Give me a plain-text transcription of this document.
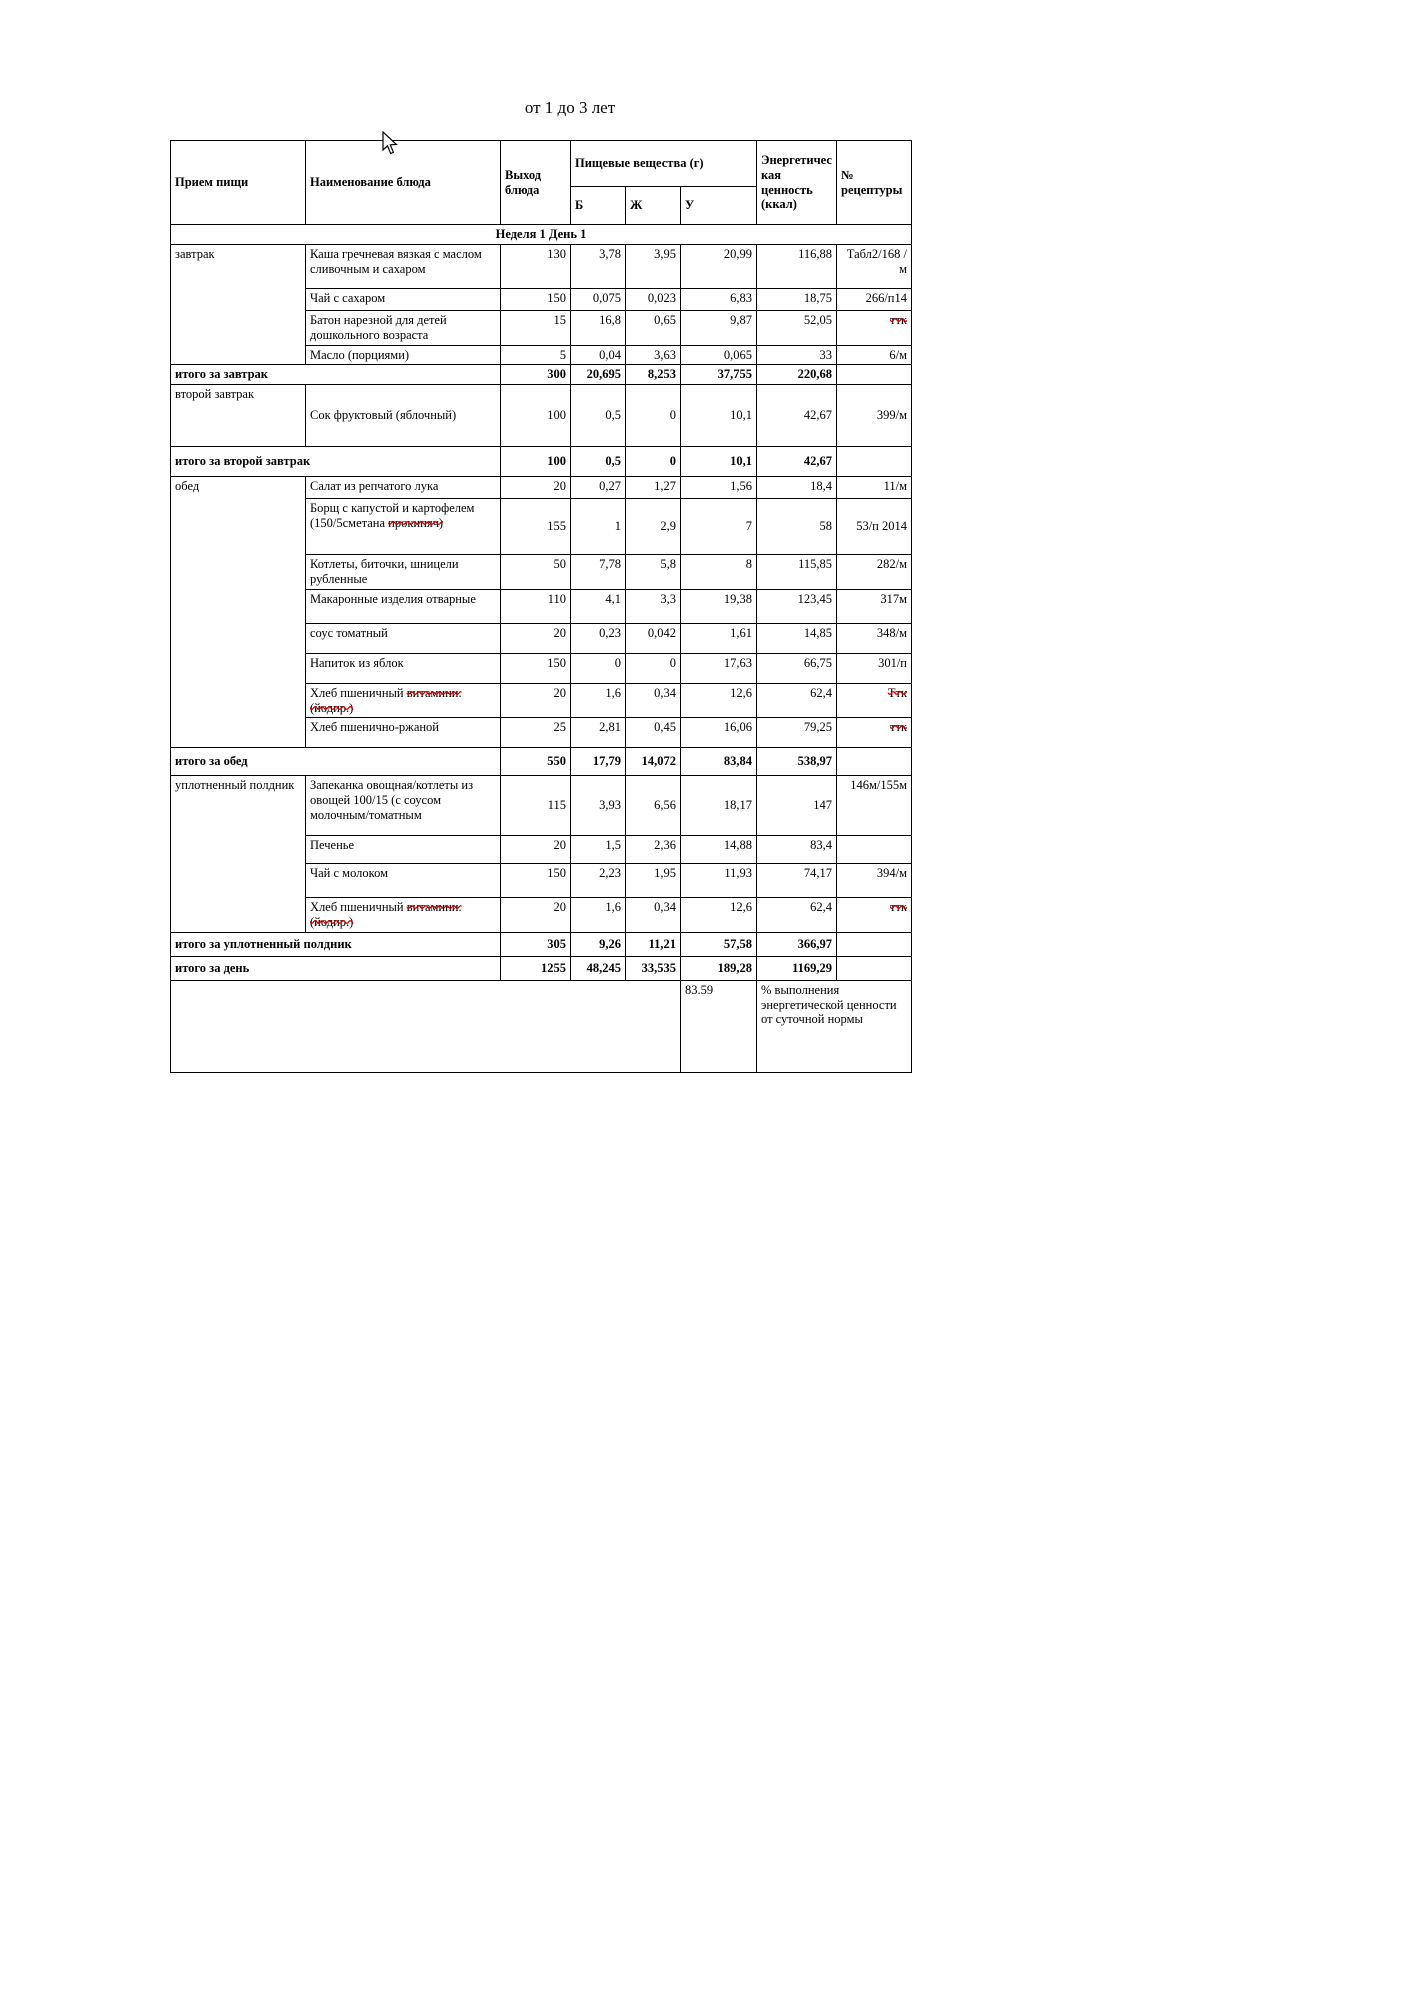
от 1 до 3 лет
Прием пищи	Наименование блюда	Выход блюда	Пищевые вещества (г)			Энергетическая ценность (ккал)	№ рецептуры
			Б	Ж	У		
Неделя 1 День 1							
завтрак	Каша гречневая вязкая с маслом сливочным и сахаром	130	3,78	3,95	20,99	116,88	Табл2/168 /м
	Чай с сахаром	150	0,075	0,023	6,83	18,75	266/п14
	Батон нарезной для детей дошкольного возраста	15	16,8	0,65	9,87	52,05	ттк
	Масло (порциями)	5	0,04	3,63	0,065	33	6/м
итого за завтрак		300	20,695	8,253	37,755	220,68	
второй завтрак	Сок фруктовый (яблочный)	100	0,5	0	10,1	42,67	399/м
итого за второй завтрак		100	0,5	0	10,1	42,67	
обед	Салат из репчатого лука	20	0,27	1,27	1,56	18,4	11/м
	Борщ с капустой и картофелем (150/5сметана прокипяч)	155	1	2,9	7	58	53/п 2014
	Котлеты, биточки, шницели рубленные	50	7,78	5,8	8	115,85	282/м
	Макаронные изделия отварные	110	4,1	3,3	19,38	123,45	317м
	соус томатный	20	0,23	0,042	1,61	14,85	348/м
	Напиток из яблок	150	0	0	17,63	66,75	301/п
	Хлеб пшеничный витамини. (йодир.)	20	1,6	0,34	12,6	62,4	Ттк
	Хлеб пшенично-ржаной	25	2,81	0,45	16,06	79,25	ттк
итого за обед		550	17,79	14,072	83,84	538,97	
уплотненный полдник	Запеканка овощная/котлеты из овощей 100/15 (с соусом молочным/томатным	115	3,93	6,56	18,17	147	146м/155м
	Печенье	20	1,5	2,36	14,88	83,4	
	Чай с молоком	150	2,23	1,95	11,93	74,17	394/м
	Хлеб пшеничный витамини. (йодир.)	20	1,6	0,34	12,6	62,4	ттк
итого за уплотненный полдник		305	9,26	11,21	57,58	366,97	
итого за день		1255	48,245	33,535	189,28	1169,29	
					83.59	% выполнения энергетической ценности от суточной нормы	
